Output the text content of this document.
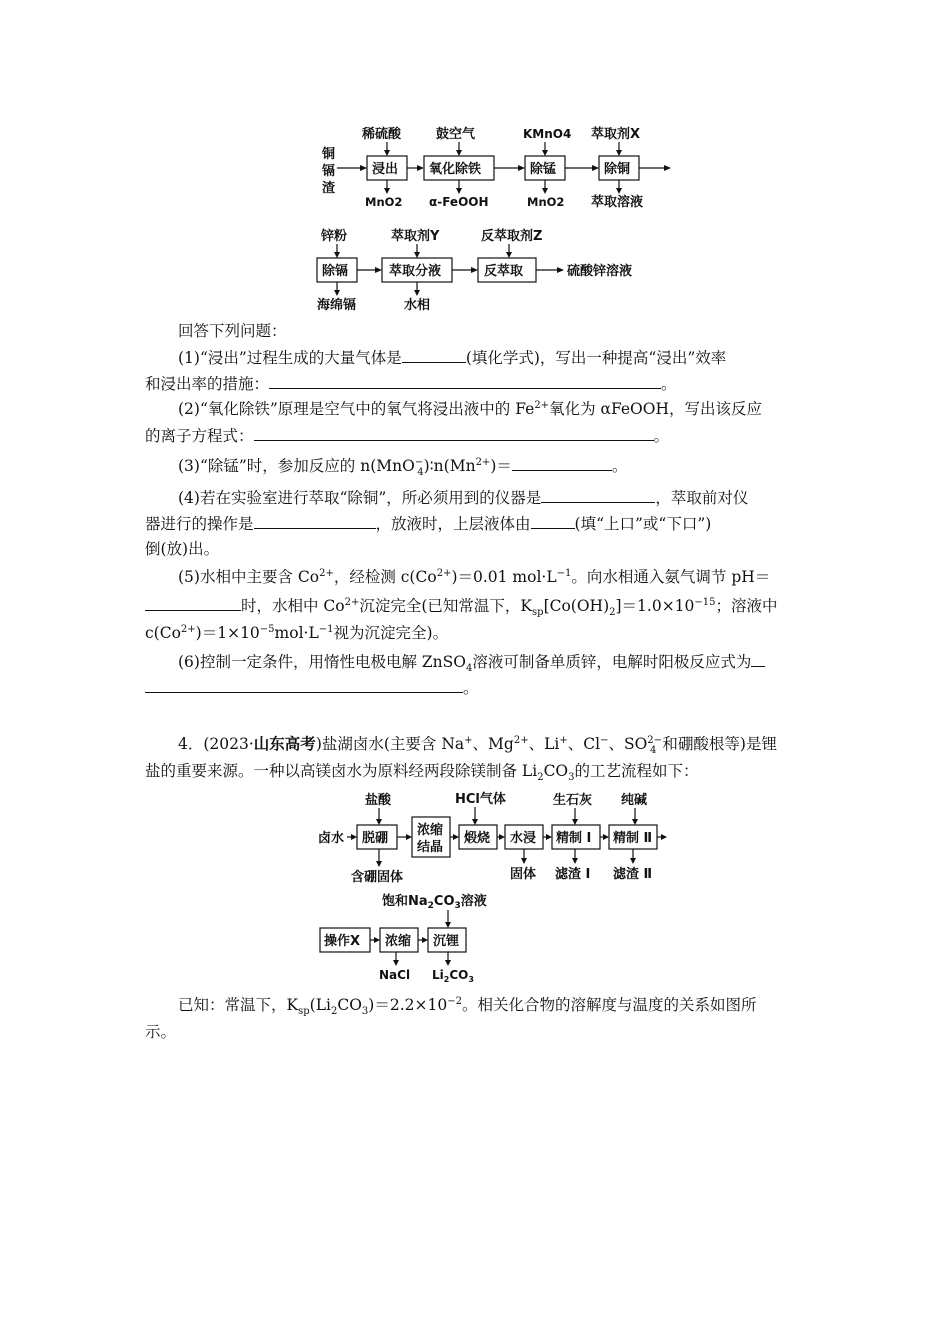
铜
镉
渣
浸出 氧化除铁	除锰	除铜
稀硫酸	鼓空气	KMnO4 萃取剂X
MnO2 α-FeOOH	MnO2 萃取溶液
锌粉	萃取剂Y	反萃取剂Z
除镉	萃取分液	反萃取	硫酸锌溶液
海绵镉	水相

回答下列问题：

(1)“浸出”过程生成的大量气体是	(填化学式)，写出一种提高“浸出”效率

和浸出率的措施：	。

(2)“氧化除铁”原理是空气中的氧气将浸出液中的 $Fe^{2+}$氧化为 αFeOOH，写出该反应

的离子方程式：	。

(3)“除锰”时，参加反应的 $n(MnO^-_4)∶n(Mn^{2+})=$	。

(4)若在实验室进行萃取“除铜”，所必须用到的仪器是	，萃取前对仪

器进行的操作是	，放液时，上层液体由	(填“上口”或“下口”)

倒(放)出。

(5)水相中主要含 $Co^{2+}$，经检测 $c(Co^{2+})=0.01$ $mol\cdot L^{-1}$。向水相通入氨气调节 pH＝

时，水相中 $Co^{2+}$沉淀完全(已知常温下，$K_{sp}[Co(OH)_2]=1.0\times 10^{-15}$；溶液中

$c(Co^{2+})=1\times 10^{-5}mol\cdot L^{-1}$视为沉淀完全)。

(6)控制一定条件，用惰性电极电解 ZnSO$_4$溶液可制备单质锌，电解时阳极反应式为

。

4．(2023·山东高考)盐湖卤水(主要含 Na+、$Mg^{2+}$、Li+、Cl−、$SO^{2-}_4$ 和硼酸根等)是锂

盐的重要来源。一种以高镁卤水为原料经两段除镁制备 $Li_2CO_3$的工艺流程如下：

卤水 脱硼
浓缩
结晶
煅烧 水浸 精制 Ⅰ 精制 Ⅱ
盐酸	HCl气体	生石灰 纯碱
含硼固体	固体 滤渣 Ⅰ 滤渣 Ⅱ
饱和$Na_2CO_3$溶液
操作X 浓缩 沉锂
NaCl $Li_2CO_3$

已知：常温下，$K_{sp}(Li_2CO_3)=2.2\times 10^{-2}$。相关化合物的溶解度与温度的关系如图所

示。
